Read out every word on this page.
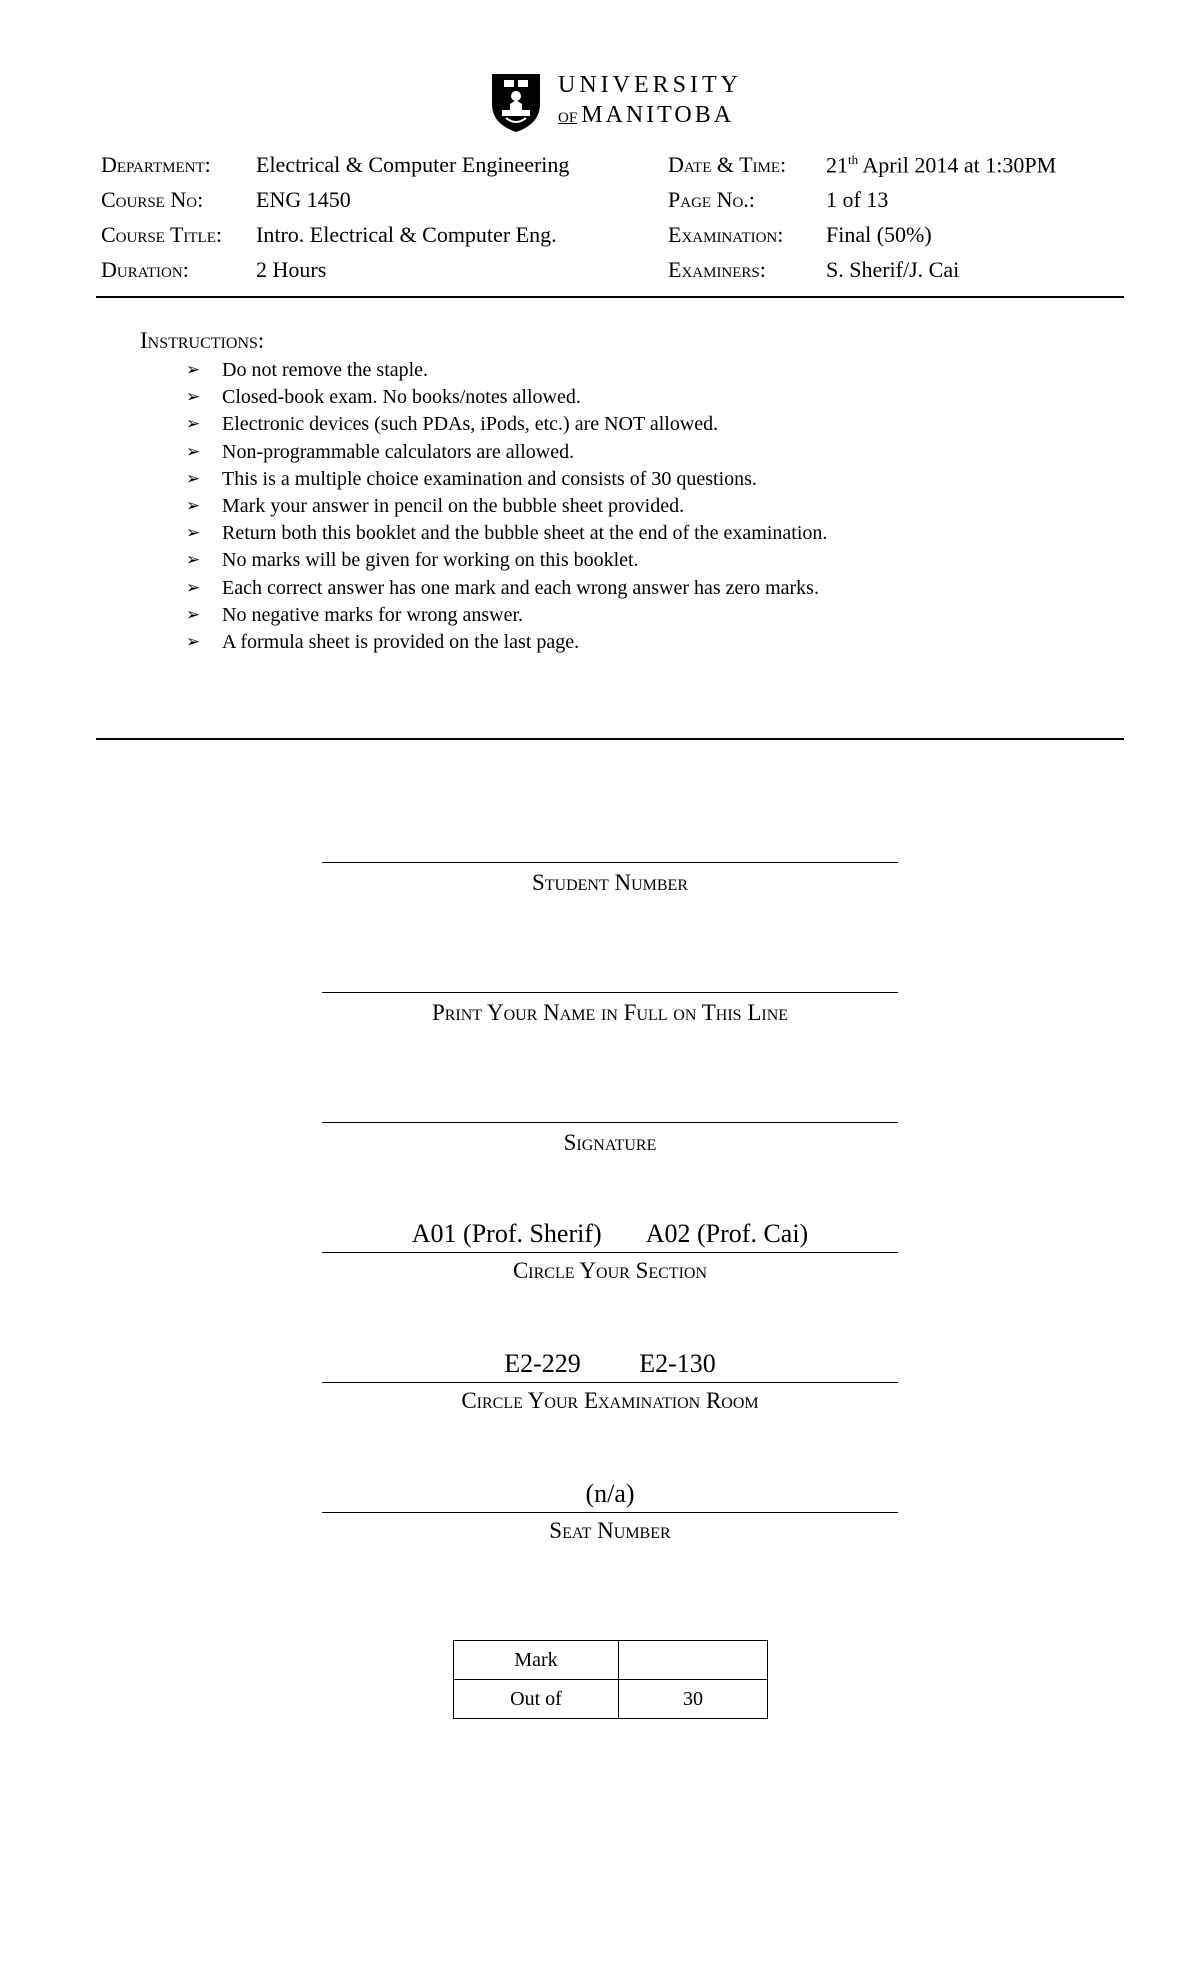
UNIVERSITY
OF MANITOBA
Department: Electrical & Computer Engineering
Course No: ENG 1450
Course Title: Intro. Electrical & Computer Eng.
Duration:	2 Hours
Date & Time: 21th April 2014 at 1:30PM
Page No.:	1 of 13
Examination: Final (50%)
Examiners:	S. Sherif/J. Cai
Instructions:
➢ Do not remove the staple.
➢ Closed-book exam. No books/notes allowed.
➢ Electronic devices (such PDAs, iPods, etc.) are NOT allowed.
➢ Non-programmable calculators are allowed.
➢ This is a multiple choice examination and consists of 30 questions.
➢ Mark your answer in pencil on the bubble sheet provided.
➢ Return both this booklet and the bubble sheet at the end of the examination.
➢ No marks will be given for working on this booklet.
➢ Each correct answer has one mark and each wrong answer has zero marks.
➢ No negative marks for wrong answer.
➢ A formula sheet is provided on the last page.
Student Number
Print Your Name in Full on This Line
Signature
A01 (Prof. Sherif)       A02 (Prof. Cai)
Circle Your Section
E2-229         E2-130
Circle Your Examination Room
(n/a)
Seat Number
Mark	
Out of	30
